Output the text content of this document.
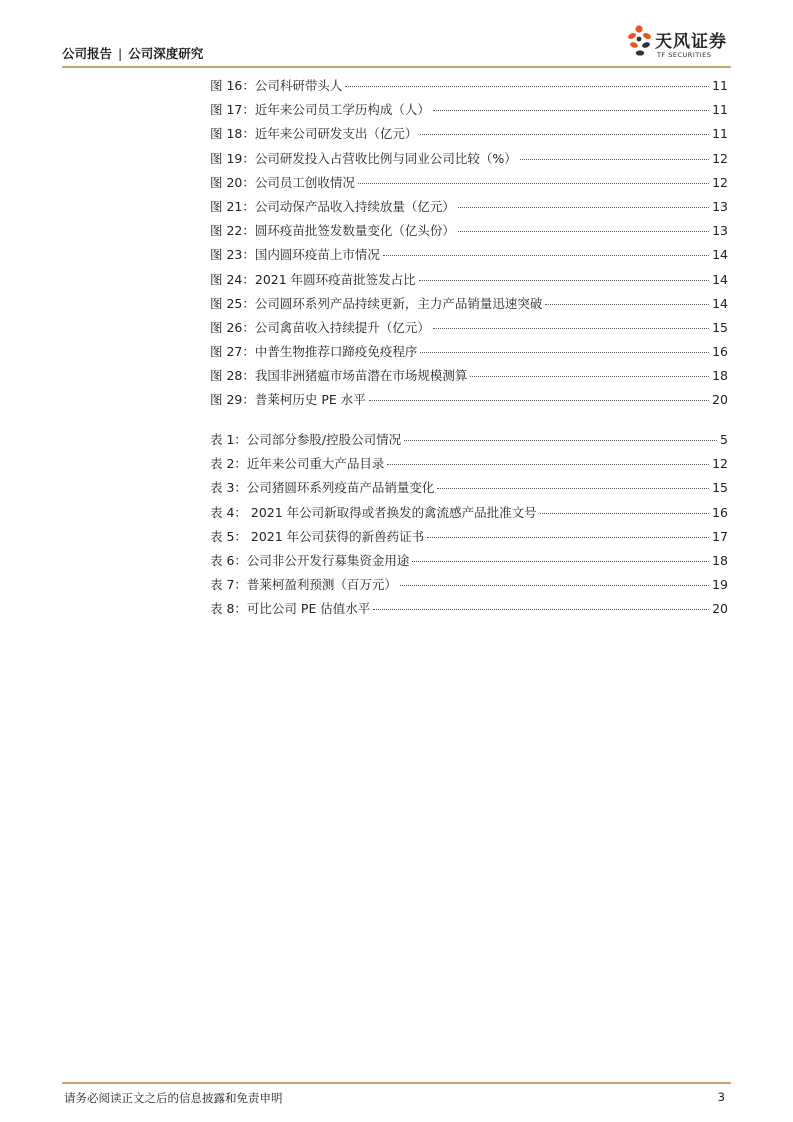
公司报告 | 公司深度研究
天风证券
TF SECURITIES
图 16：公司科研带头人	11
图 17：近年来公司员工学历构成（人）	11
图 18：近年来公司研发支出（亿元）	11
图 19：公司研发投入占营收比例与同业公司比较（%）	12
图 20：公司员工创收情况	12
图 21：公司动保产品收入持续放量（亿元）	13
图 22：圆环疫苗批签发数量变化（亿头份）	13
图 23：国内圆环疫苗上市情况	14
图 24：2021 年圆环疫苗批签发占比	14
图 25：公司圆环系列产品持续更新，主力产品销量迅速突破	14
图 26：公司禽苗收入持续提升（亿元）	15
图 27：中普生物推荐口蹄疫免疫程序	16
图 28：我国非洲猪瘟市场苗潜在市场规模测算	18
图 29：普莱柯历史 PE 水平	20
表 1：公司部分参股/控股公司情况	5
表 2：近年来公司重大产品目录	12
表 3：公司猪圆环系列疫苗产品销量变化	15
表 4： 2021 年公司新取得或者换发的禽流感产品批准文号	16
表 5： 2021 年公司获得的新兽药证书	17
表 6：公司非公开发行募集资金用途	18
表 7：普莱柯盈利预测（百万元）	19
表 8：可比公司 PE 估值水平	20
请务必阅读正文之后的信息披露和免责申明	3
